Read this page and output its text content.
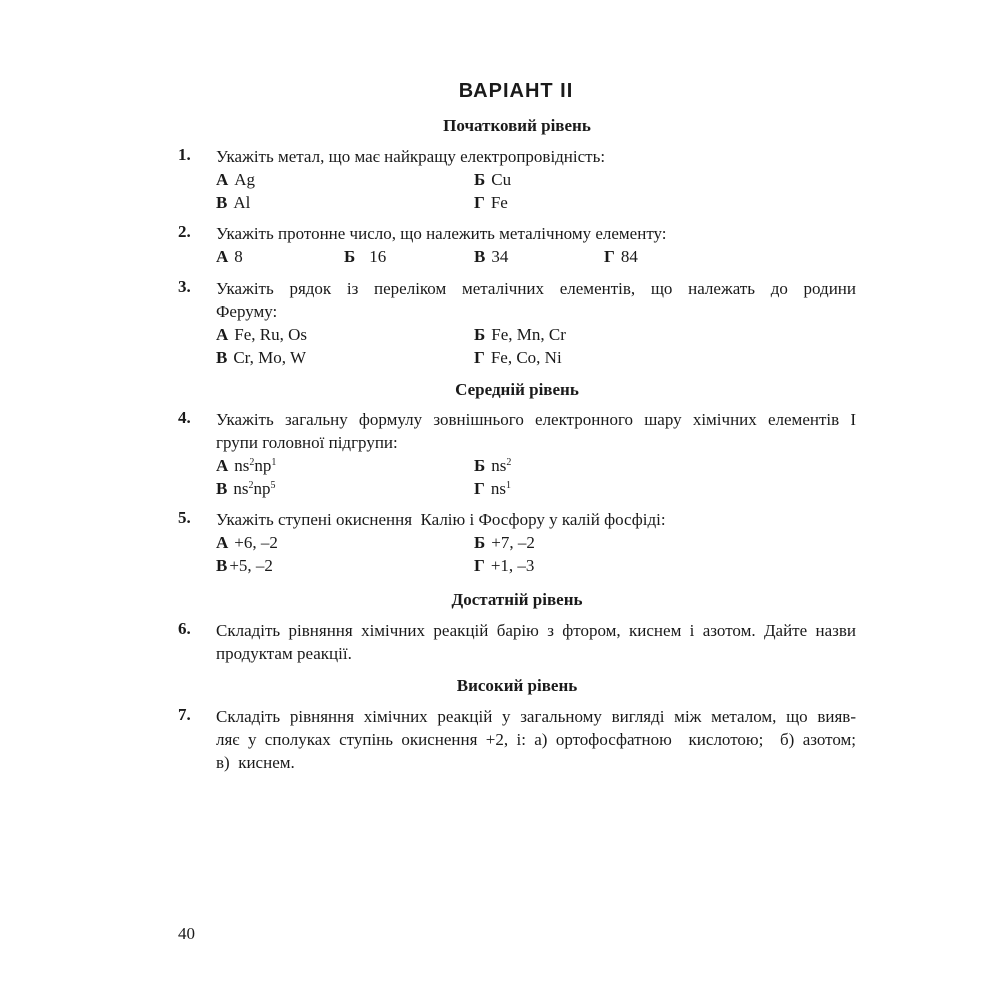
ВАРІАНТ ІІ
Початковий рівень
1. Укажіть метал, що має найкращу електропровідність:
А Ag	Б Cu
В Al	Г Fe
2. Укажіть протонне число, що належить металічному елементу:
А 8	Б 16	В 34	Г 84
3. Укажіть рядок із переліком металічних елементів, що належать до родини
Феруму:
А Fe, Ru, Os	Б Fe, Mn, Cr
В Cr, Mo, W	Г Fe, Co, Ni
Середній рівень
4. Укажіть загальну формулу зовнішнього електронного шару хімічних елементів І
групи головної підгрупи:
А $ns^2np^1$	Б $ns^2$
В $ns^2np^5$	Г $ns^1$
5. Укажіть ступені окиснення  Калію і Фосфору у калій фосфіді:
А +6, –2	Б +7, –2
В +5, –2	Г +1, –3
Достатній рівень
6. Складіть рівняння хімічних реакцій барію з фтором, киснем і азотом. Дайте назви
продуктам реакції.
Високий рівень
7. Складіть рівняння хімічних реакцій у загальному вигляді між металом, що вияв-
ляє у сполуках ступінь окиснення +2, і: а) ортофосфатною  кислотою;  б) азотом;
в)  киснем.
40
